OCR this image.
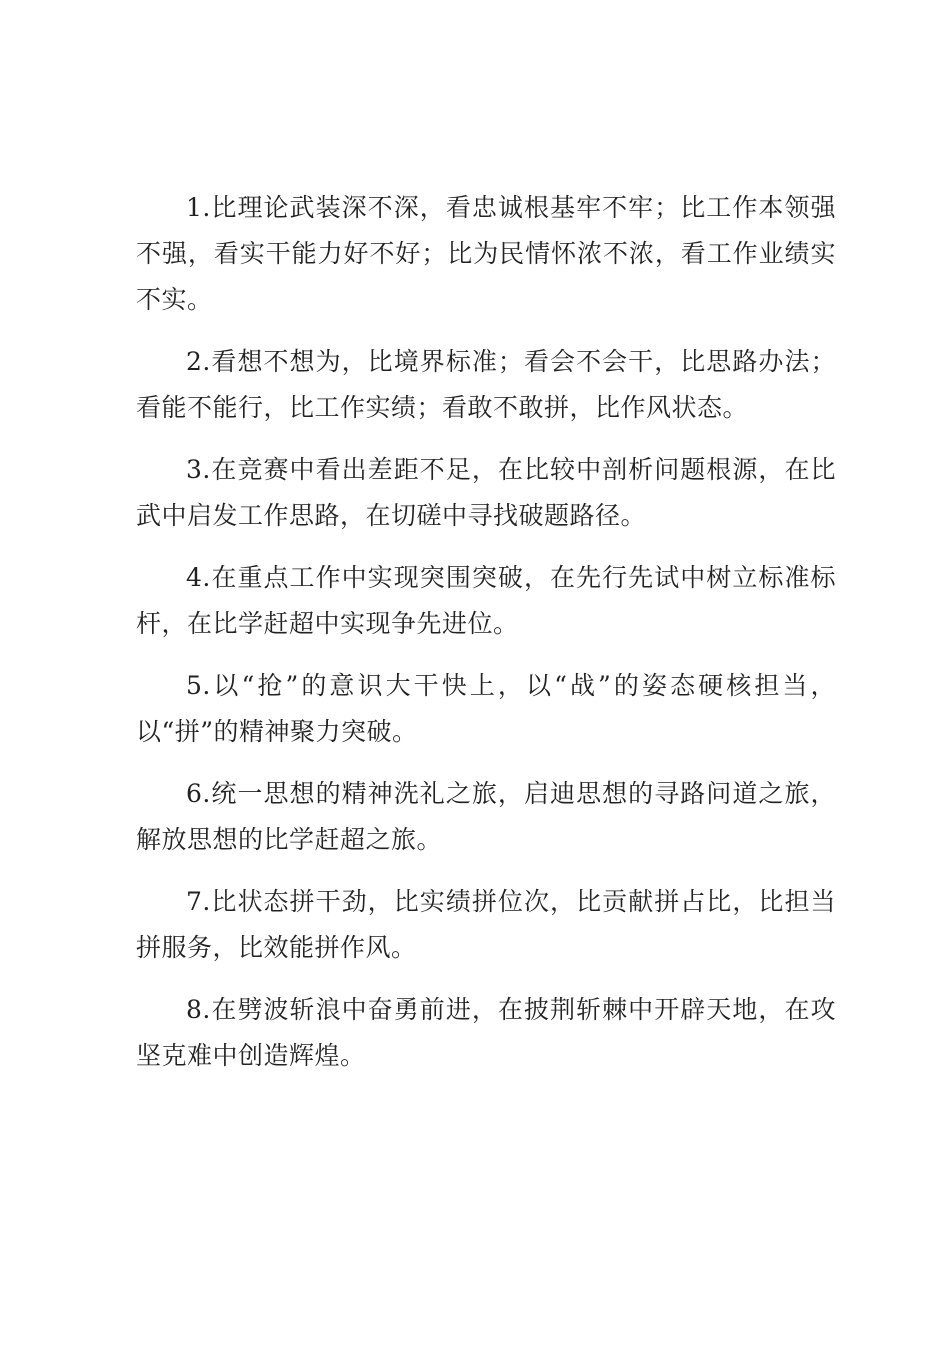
1.比理论武装深不深，看忠诚根基牢不牢；比工作本领强不强，看实干能力好不好；比为民情怀浓不浓，看工作业绩实不实。

2.看想不想为，比境界标准；看会不会干，比思路办法；看能不能行，比工作实绩；看敢不敢拼，比作风状态。

3.在竞赛中看出差距不足，在比较中剖析问题根源，在比武中启发工作思路，在切磋中寻找破题路径。

4.在重点工作中实现突围突破，在先行先试中树立标准标杆，在比学赶超中实现争先进位。

5.以“抢”的意识大干快上，以“战”的姿态硬核担当，以“拼”的精神聚力突破。

6.统一思想的精神洗礼之旅，启迪思想的寻路问道之旅，解放思想的比学赶超之旅。

7.比状态拼干劲，比实绩拼位次，比贡献拼占比，比担当拼服务，比效能拼作风。

8.在劈波斩浪中奋勇前进，在披荆斩棘中开辟天地，在攻坚克难中创造辉煌。
